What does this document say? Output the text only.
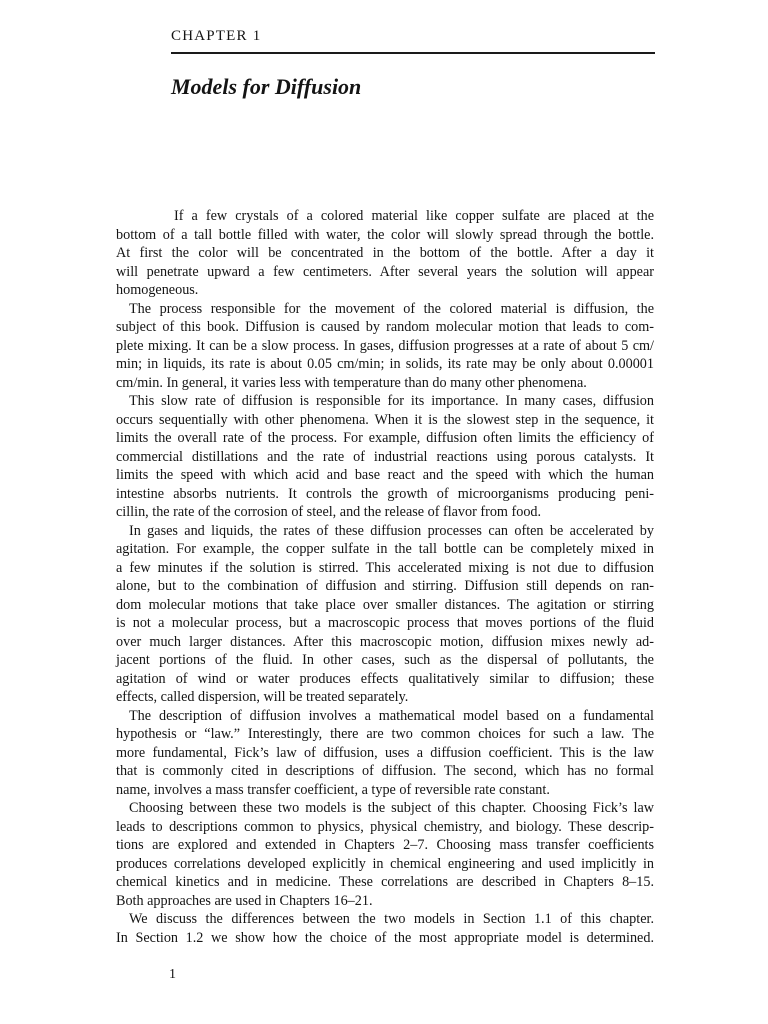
CHAPTER 1
Models for Diffusion

If a few crystals of a colored material like copper sulfate are placed at the
bottom of a tall bottle filled with water, the color will slowly spread through the bottle.
At first the color will be concentrated in the bottom of the bottle. After a day it
will penetrate upward a few centimeters. After several years the solution will appear
homogeneous.

The process responsible for the movement of the colored material is diffusion, the
subject of this book. Diffusion is caused by random molecular motion that leads to com-
plete mixing. It can be a slow process. In gases, diffusion progresses at a rate of about 5 cm/
min; in liquids, its rate is about 0.05 cm/min; in solids, its rate may be only about 0.00001
cm/min. In general, it varies less with temperature than do many other phenomena.

This slow rate of diffusion is responsible for its importance. In many cases, diffusion
occurs sequentially with other phenomena. When it is the slowest step in the sequence, it
limits the overall rate of the process. For example, diffusion often limits the efficiency of
commercial distillations and the rate of industrial reactions using porous catalysts. It
limits the speed with which acid and base react and the speed with which the human
intestine absorbs nutrients. It controls the growth of microorganisms producing peni-
cillin, the rate of the corrosion of steel, and the release of flavor from food.

In gases and liquids, the rates of these diffusion processes can often be accelerated by
agitation. For example, the copper sulfate in the tall bottle can be completely mixed in
a few minutes if the solution is stirred. This accelerated mixing is not due to diffusion
alone, but to the combination of diffusion and stirring. Diffusion still depends on ran-
dom molecular motions that take place over smaller distances. The agitation or stirring
is not a molecular process, but a macroscopic process that moves portions of the fluid
over much larger distances. After this macroscopic motion, diffusion mixes newly ad-
jacent portions of the fluid. In other cases, such as the dispersal of pollutants, the
agitation of wind or water produces effects qualitatively similar to diffusion; these
effects, called dispersion, will be treated separately.

The description of diffusion involves a mathematical model based on a fundamental
hypothesis or “law.” Interestingly, there are two common choices for such a law. The
more fundamental, Fick’s law of diffusion, uses a diffusion coefficient. This is the law
that is commonly cited in descriptions of diffusion. The second, which has no formal
name, involves a mass transfer coefficient, a type of reversible rate constant.

Choosing between these two models is the subject of this chapter. Choosing Fick’s law
leads to descriptions common to physics, physical chemistry, and biology. These descrip-
tions are explored and extended in Chapters 2–7. Choosing mass transfer coefficients
produces correlations developed explicitly in chemical engineering and used implicitly in
chemical kinetics and in medicine. These correlations are described in Chapters 8–15.
Both approaches are used in Chapters 16–21.

We discuss the differences between the two models in Section 1.1 of this chapter.
In Section 1.2 we show how the choice of the most appropriate model is determined.

1
